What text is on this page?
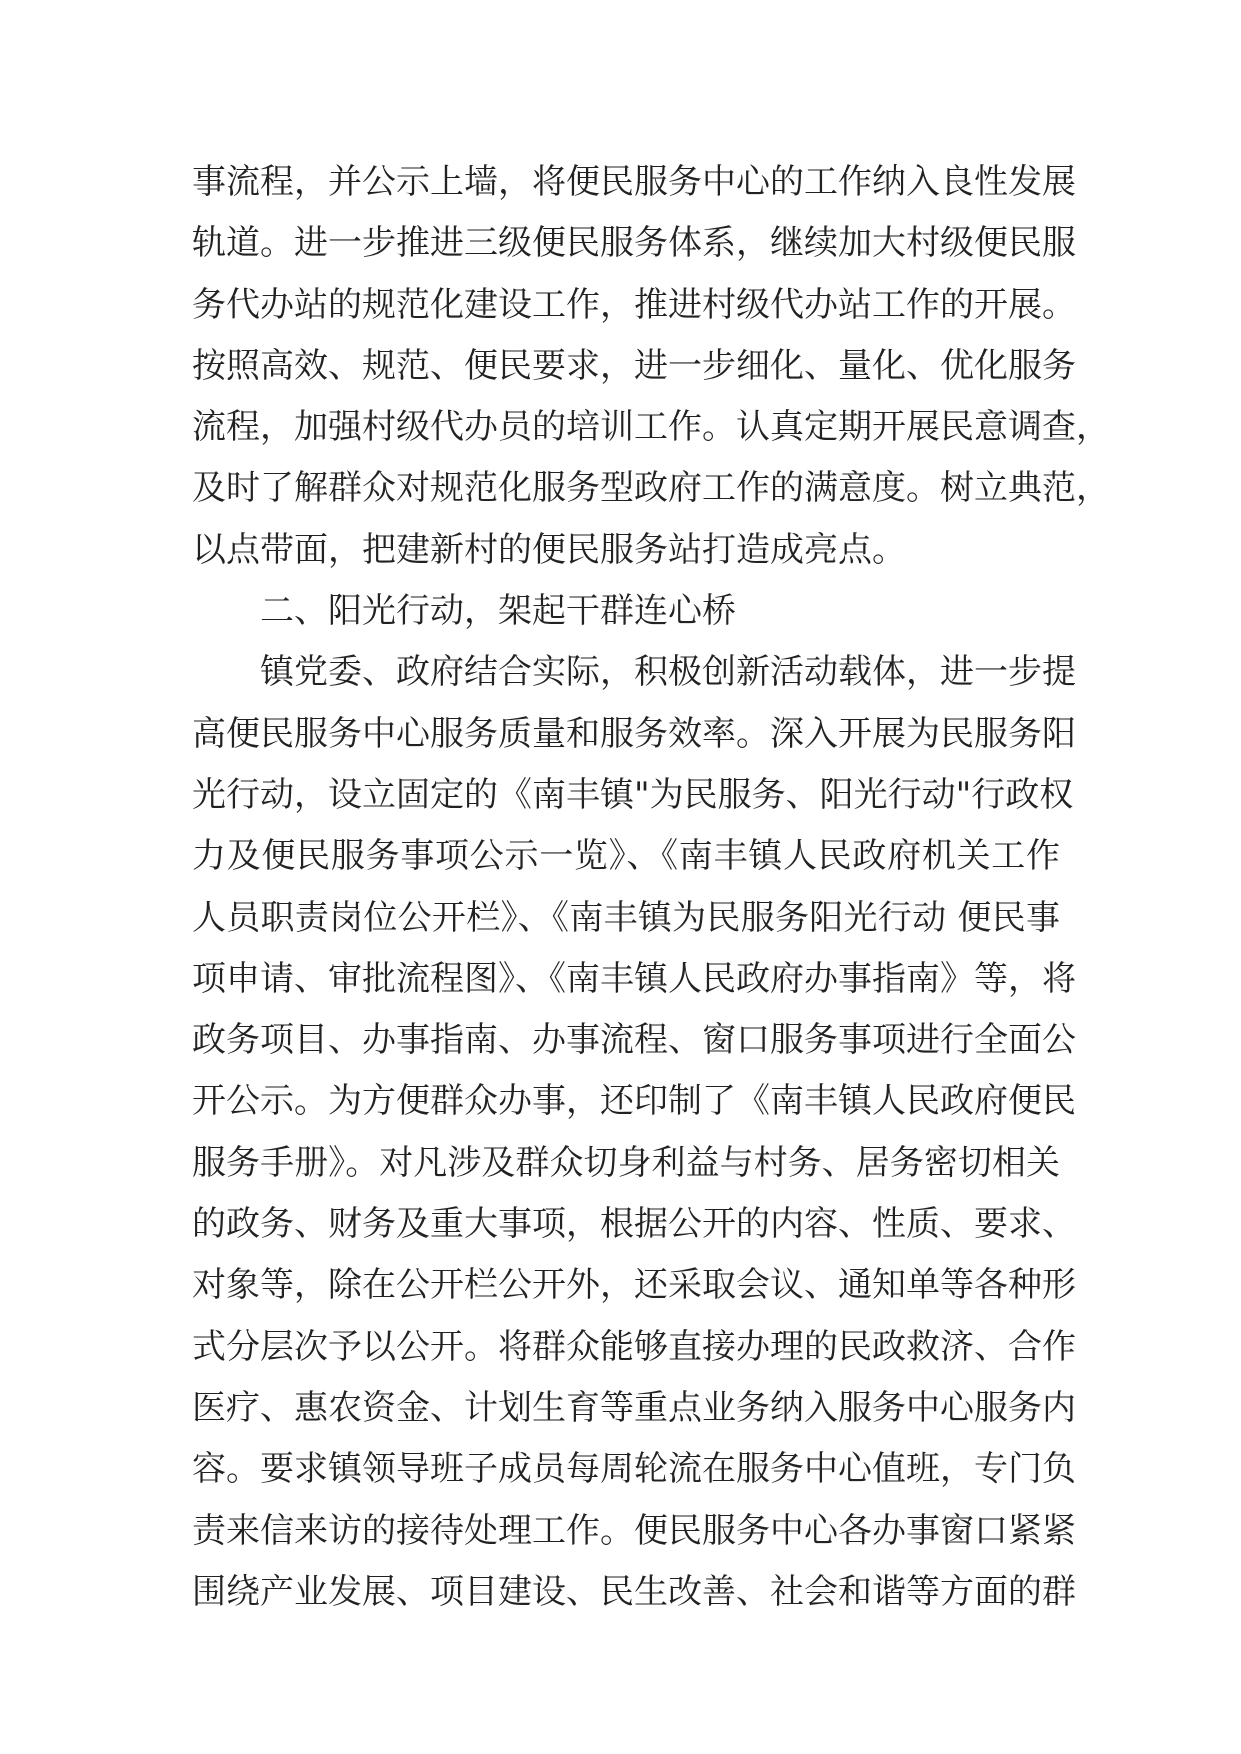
事流程，并公示上墙，将便民服务中心的工作纳入良性发展
轨道。进一步推进三级便民服务体系，继续加大村级便民服
务代办站的规范化建设工作，推进村级代办站工作的开展。
按照高效、规范、便民要求，进一步细化、量化、优化服务
流程，加强村级代办员的培训工作。认真定期开展民意调查，
及时了解群众对规范化服务型政府工作的满意度。树立典范，
以点带面，把建新村的便民服务站打造成亮点。
二、阳光行动，架起干群连心桥
镇党委、政府结合实际，积极创新活动载体，进一步提
高便民服务中心服务质量和服务效率。深入开展为民服务阳
光行动，设立固定的《南丰镇"为民服务、阳光行动"行政权
力及便民服务事项公示一览》、《南丰镇人民政府机关工作
人员职责岗位公开栏》、《南丰镇为民服务阳光行动 便民事
项申请、审批流程图》、《南丰镇人民政府办事指南》等，将
政务项目、办事指南、办事流程、窗口服务事项进行全面公
开公示。为方便群众办事，还印制了《南丰镇人民政府便民
服务手册》。对凡涉及群众切身利益与村务、居务密切相关
的政务、财务及重大事项，根据公开的内容、性质、要求、
对象等，除在公开栏公开外，还采取会议、通知单等各种形
式分层次予以公开。将群众能够直接办理的民政救济、合作
医疗、惠农资金、计划生育等重点业务纳入服务中心服务内
容。要求镇领导班子成员每周轮流在服务中心值班，专门负
责来信来访的接待处理工作。便民服务中心各办事窗口紧紧
围绕产业发展、项目建设、民生改善、社会和谐等方面的群
